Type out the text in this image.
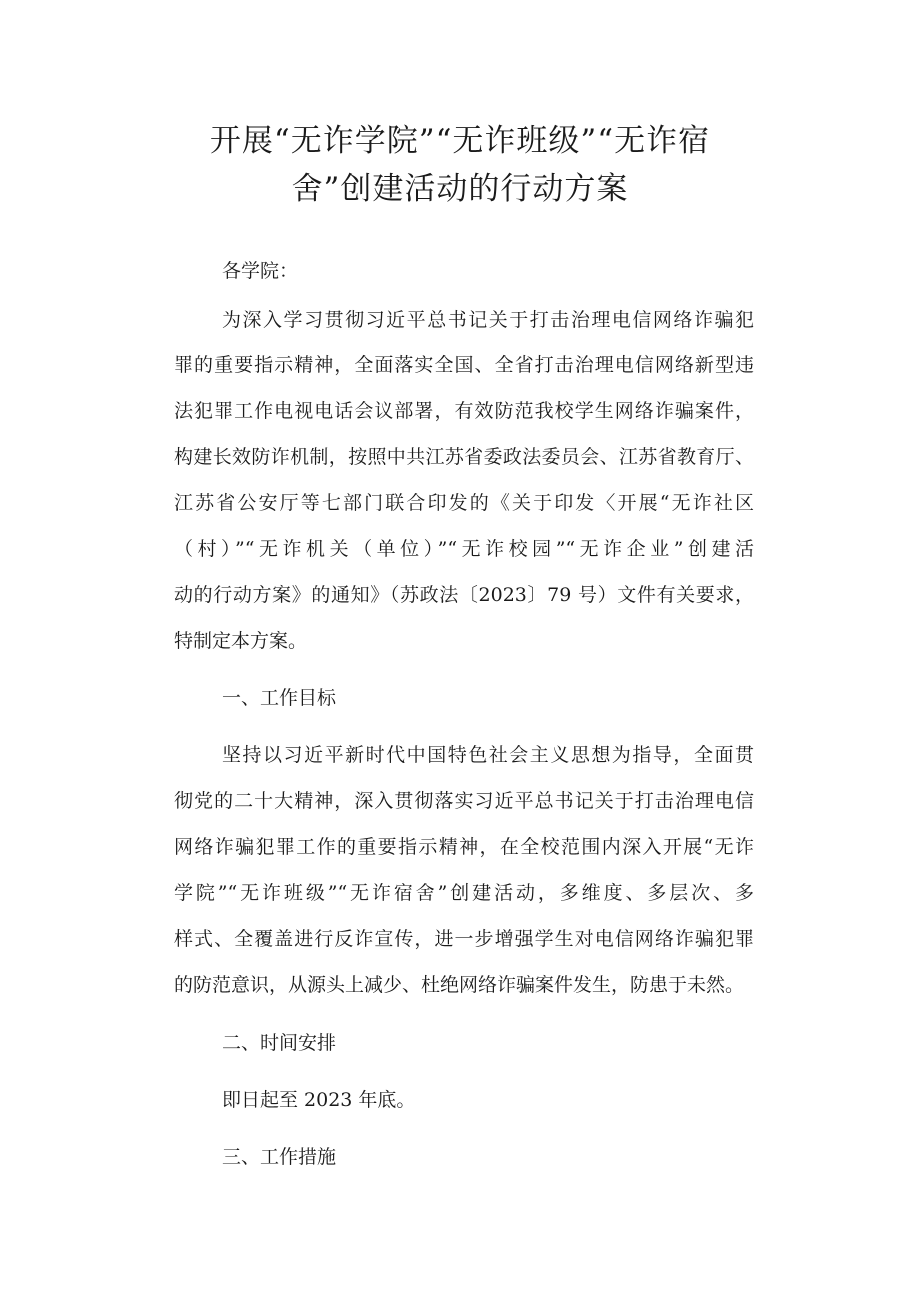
开展“无诈学院”“无诈班级”“无诈宿
舍”创建活动的行动方案
各学院：
为深入学习贯彻习近平总书记关于打击治理电信网络诈骗犯
罪的重要指示精神，全面落实全国、全省打击治理电信网络新型违
法犯罪工作电视电话会议部署，有效防范我校学生网络诈骗案件，
构建长效防诈机制，按照中共江苏省委政法委员会、江苏省教育厅、
江苏省公安厅等七部门联合印发的《关于印发〈开展“无诈社区
（村）”“无诈机关（单位）”“无诈校园”“无诈企业”创建活
动的行动方案》的通知》（苏政法〔2023〕79 号）文件有关要求，
特制定本方案。
一、工作目标
坚持以习近平新时代中国特色社会主义思想为指导，全面贯
彻党的二十大精神，深入贯彻落实习近平总书记关于打击治理电信
网络诈骗犯罪工作的重要指示精神，在全校范围内深入开展“无诈
学院”“无诈班级”“无诈宿舍”创建活动，多维度、多层次、多
样式、全覆盖进行反诈宣传，进一步增强学生对电信网络诈骗犯罪
的防范意识，从源头上减少、杜绝网络诈骗案件发生，防患于未然。
二、时间安排
即日起至 2023 年底。
三、工作措施
